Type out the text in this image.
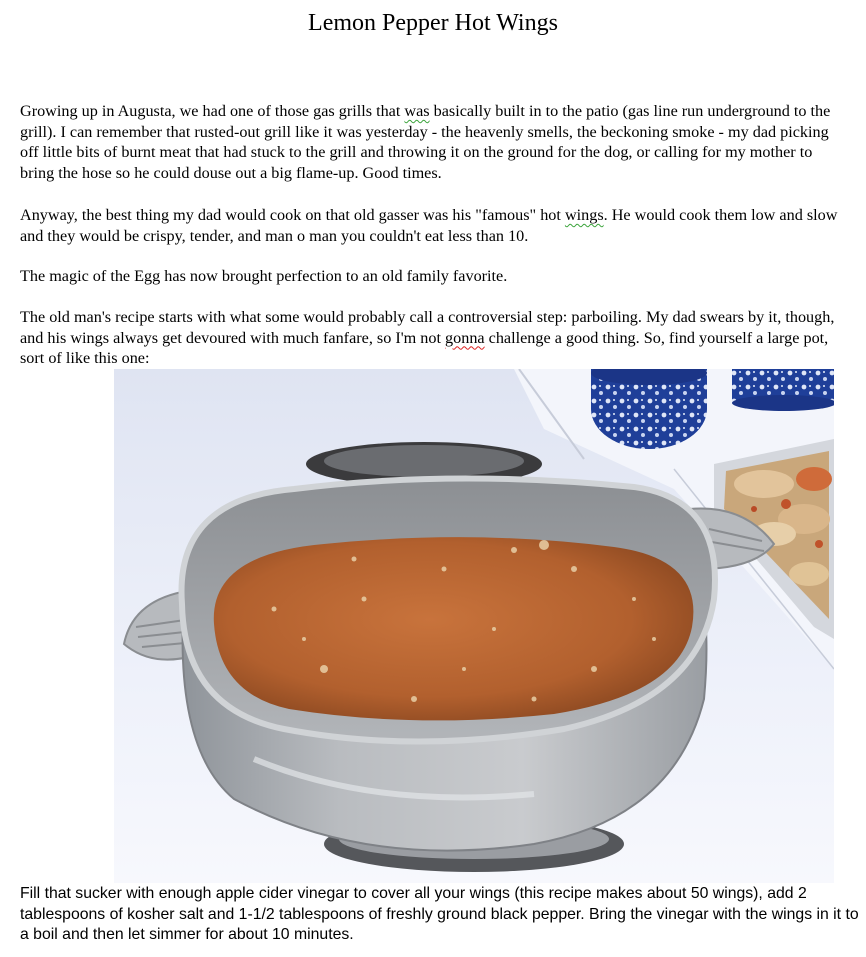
Lemon Pepper Hot Wings

Growing up in Augusta, we had one of those gas grills that was basically built in to the patio (gas line run underground to the grill). I can remember that rusted-out grill like it was yesterday - the heavenly smells, the beckoning smoke - my dad picking off little bits of burnt meat that had stuck to the grill and throwing it on the ground for the dog, or calling for my mother to bring the hose so he could douse out a big flame-up. Good times.

Anyway, the best thing my dad would cook on that old gasser was his "famous" hot wings. He would cook them low and slow and they would be crispy, tender, and man o man you couldn't eat less than 10.

The magic of the Egg has now brought perfection to an old family favorite.

The old man's recipe starts with what some would probably call a controversial step: parboiling. My dad swears by it, though, and his wings always get devoured with much fanfare, so I'm not gonna challenge a good thing. So, find yourself a large pot, sort of like this one:

Fill that sucker with enough apple cider vinegar to cover all your wings (this recipe makes about 50 wings), add 2 tablespoons of kosher salt and 1-1/2 tablespoons of freshly ground black pepper. Bring the vinegar with the wings in it to a boil and then let simmer for about 10 minutes.
